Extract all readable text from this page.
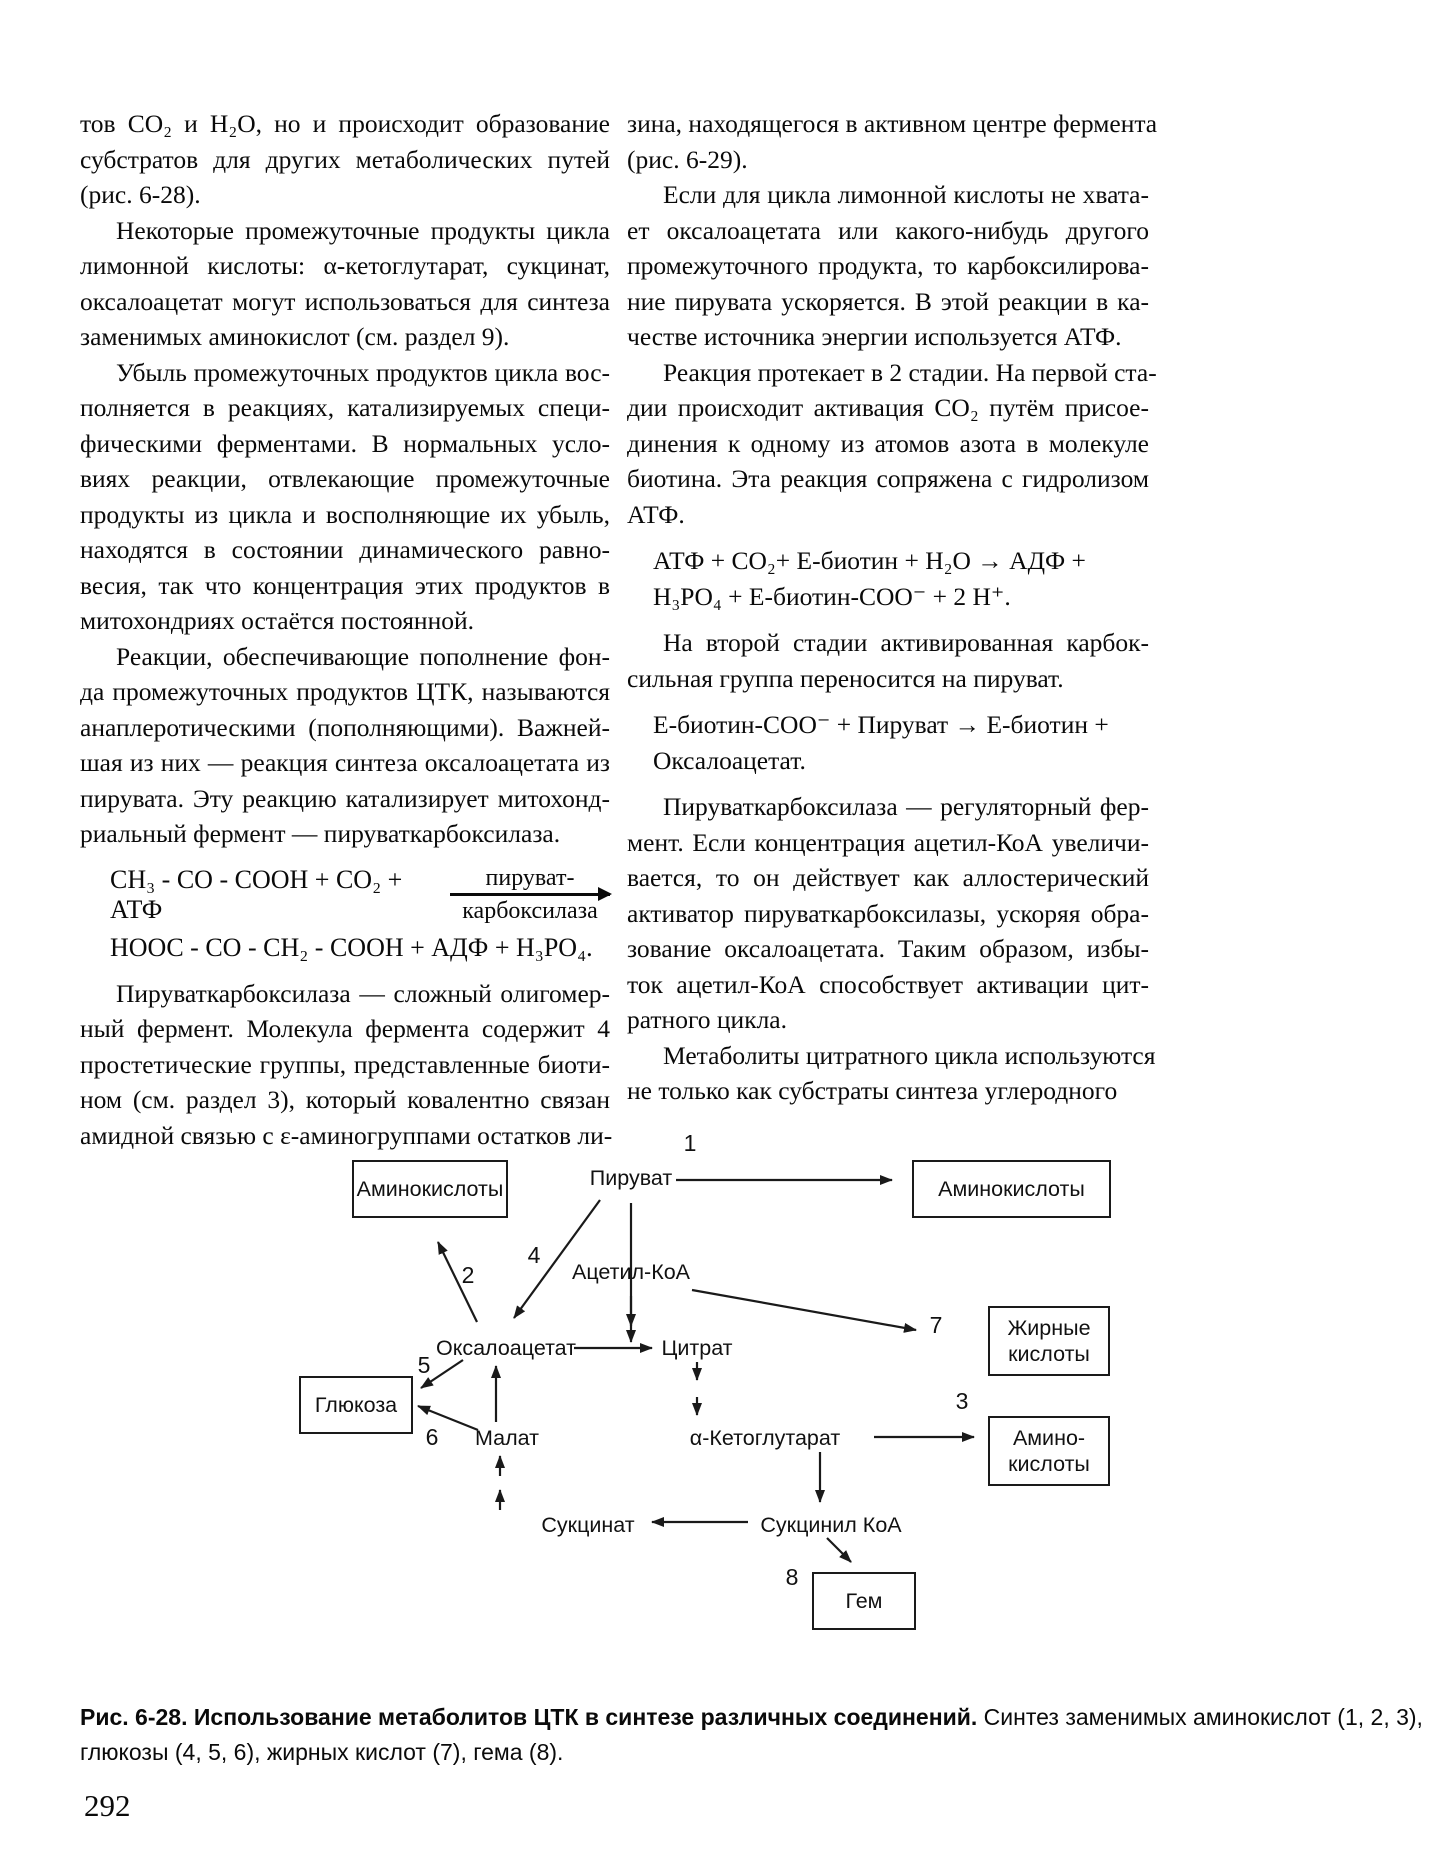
тов CO₂ и H₂O, но и происходит образование
субстратов для других метаболических путей
(рис. 6-28).
Некоторые промежуточные продукты цикла
лимонной кислоты: α-кетоглутарат, сукцинат,
оксалоацетат могут использоваться для синтеза
заменимых аминокислот (см. раздел 9).
Убыль промежуточных продуктов цикла вос-
полняется в реакциях, катализируемых специ-
фическими ферментами. В нормальных усло-
виях реакции, отвлекающие промежуточные
продукты из цикла и восполняющие их убыль,
находятся в состоянии динамического равно-
весия, так что концентрация этих продуктов в
митохондриях остаётся постоянной.
Реакции, обеспечивающие пополнение фон-
да промежуточных продуктов ЦТК, называются
анаплеротическими (пополняющими). Важней-
шая из них — реакция синтеза оксалоацетата из
пирувата. Эту реакцию катализирует митохонд-
риальный фермент — пируваткарбоксилаза.
CH₃ - CO - COOH + CO₂ + АТФ
пируват-
карбоксилаза
HOOC - CO - CH₂ - COOH + АДФ + H₃PO₄.
Пируваткарбоксилаза — сложный олигомер-
ный фермент. Молекула фермента содержит 4
простетические группы, представленные биоти-
ном (см. раздел 3), который ковалентно связан
амидной связью с ε-аминогруппами остатков ли-
зина, находящегося в активном центре фермента
(рис. 6-29).
Если для цикла лимонной кислоты не хвата-
ет оксалоацетата или какого-нибудь другого
промежуточного продукта, то карбоксилирова-
ние пирувата ускоряется. В этой реакции в ка-
честве источника энергии используется АТФ.
Реакция протекает в 2 стадии. На первой ста-
дии происходит активация CO₂ путём присое-
динения к одному из атомов азота в молекуле
биотина. Эта реакция сопряжена с гидролизом
АТФ.
АТФ + CO₂+ Е-биотин + H₂O → АДФ +
H₃PO₄ + Е-биотин-COO⁻ + 2 H⁺.
На второй стадии активированная карбок-
сильная группа переносится на пируват.
Е-биотин-COO⁻ + Пируват → Е-биотин +
Оксалоацетат.
Пируваткарбоксилаза — регуляторный фер-
мент. Если концентрация ацетил-КоА увеличи-
вается, то он действует как аллостерический
активатор пируваткарбоксилазы, ускоряя обра-
зование оксалоацетата. Таким образом, избы-
ток ацетил-КоА способствует активации цит-
ратного цикла.
Метаболиты цитратного цикла используются
не только как субстраты синтеза углеродного
Аминокислоты	Аминокислоты
Глюкоза
Жирные
кислоты
Амино-
кислоты
Гем
Пируват
Ацетил-КоА
Оксалоацетат	Цитрат
Малат	α-Кетоглутарат
Сукцинат	Сукцинил КоА
1
2
3
4
5
6
7
8
Рис. 6-28. Использование метаболитов ЦТК в синтезе различных соединений. Синтез заменимых аминокислот (1, 2, 3),
глюкозы (4, 5, 6), жирных кислот (7), гема (8).
292
